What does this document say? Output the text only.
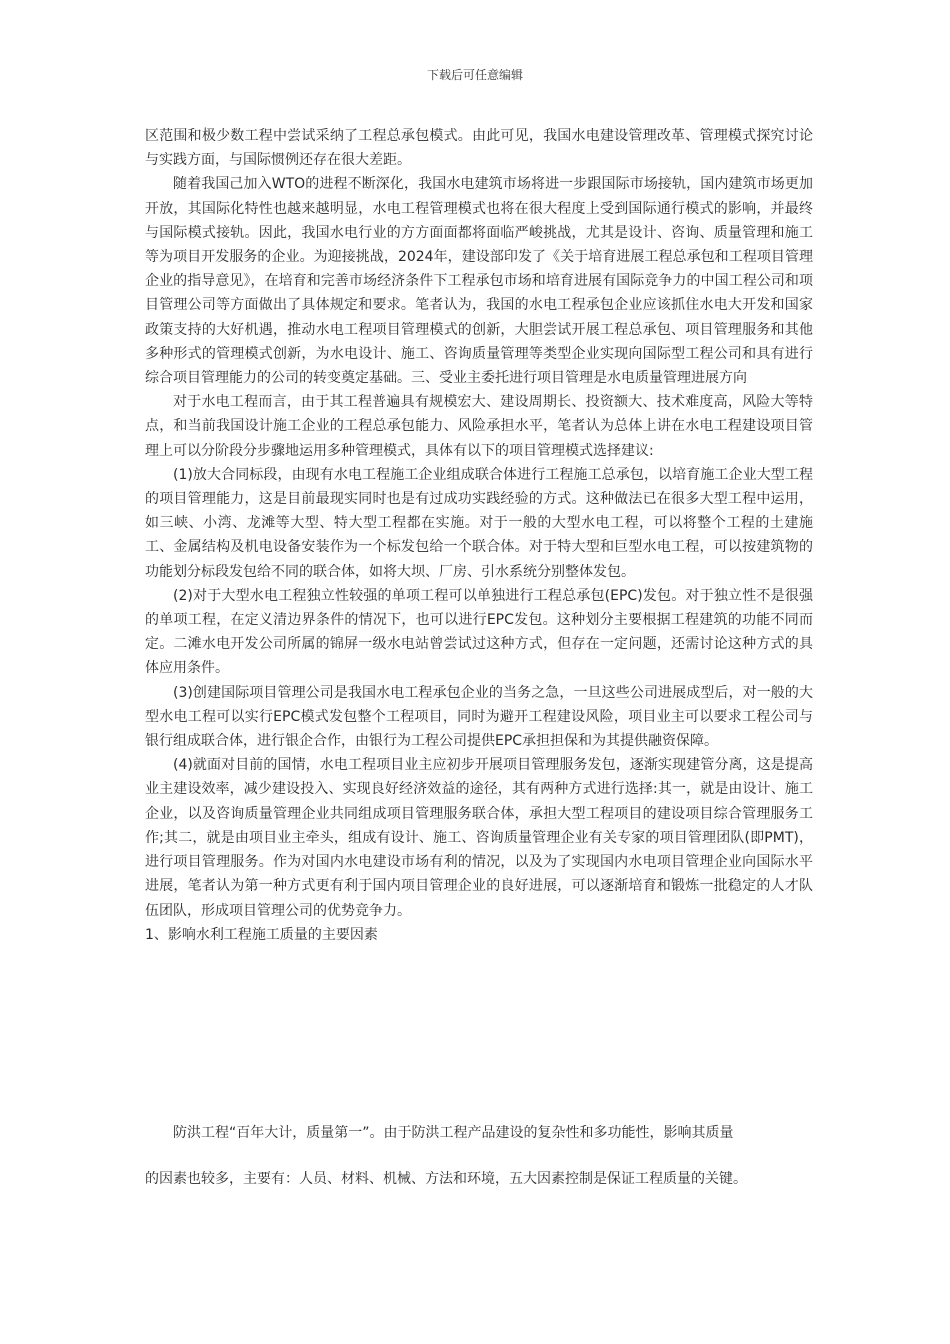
下载后可任意编辑

区范围和极少数工程中尝试采纳了工程总承包模式。由此可见，我国水电建设管理改革、管理模式探究讨论与实践方面，与国际惯例还存在很大差距。

随着我国己加入WTO的进程不断深化，我国水电建筑市场将进一步跟国际市场接轨，国内建筑市场更加开放，其国际化特性也越来越明显，水电工程管理模式也将在很大程度上受到国际通行模式的影响，并最终与国际模式接轨。因此，我国水电行业的方方面面都将面临严峻挑战，尤其是设计、咨询、质量管理和施工等为项目开发服务的企业。为迎接挑战，2024年，建设部印发了《关于培育进展工程总承包和工程项目管理企业的指导意见》，在培育和完善市场经济条件下工程承包市场和培育进展有国际竞争力的中国工程公司和项目管理公司等方面做出了具体规定和要求。笔者认为，我国的水电工程承包企业应该抓住水电大开发和国家政策支持的大好机遇，推动水电工程项目管理模式的创新，大胆尝试开展工程总承包、项目管理服务和其他多种形式的管理模式创新，为水电设计、施工、咨询质量管理等类型企业实现向国际型工程公司和具有进行综合项目管理能力的公司的转变奠定基础。三、受业主委托进行项目管理是水电质量管理进展方向

对于水电工程而言，由于其工程普遍具有规模宏大、建设周期长、投资额大、技术难度高，风险大等特点，和当前我国设计施工企业的工程总承包能力、风险承担水平，笔者认为总体上讲在水电工程建设项目管理上可以分阶段分步骤地运用多种管理模式，具体有以下的项目管理模式选择建议:

(1)放大合同标段，由现有水电工程施工企业组成联合体进行工程施工总承包，以培育施工企业大型工程的项目管理能力，这是目前最现实同时也是有过成功实践经验的方式。这种做法已在很多大型工程中运用，如三峡、小湾、龙滩等大型、特大型工程都在实施。对于一般的大型水电工程，可以将整个工程的土建施工、金属结构及机电设备安装作为一个标发包给一个联合体。对于特大型和巨型水电工程，可以按建筑物的功能划分标段发包给不同的联合体，如将大坝、厂房、引水系统分别整体发包。

(2)对于大型水电工程独立性较强的单项工程可以单独进行工程总承包(EPC)发包。对于独立性不是很强的单项工程，在定义清边界条件的情况下，也可以进行EPC发包。这种划分主要根据工程建筑的功能不同而定。二滩水电开发公司所属的锦屏一级水电站曾尝试过这种方式，但存在一定问题，还需讨论这种方式的具体应用条件。

(3)创建国际项目管理公司是我国水电工程承包企业的当务之急，一旦这些公司进展成型后，对一般的大型水电工程可以实行EPC模式发包整个工程项目，同时为避开工程建设风险，项目业主可以要求工程公司与银行组成联合体，进行银企合作，由银行为工程公司提供EPC承担担保和为其提供融资保障。

(4)就面对目前的国情，水电工程项目业主应初步开展项目管理服务发包，逐渐实现建管分离，这是提高业主建设效率，减少建设投入、实现良好经济效益的途径，其有两种方式进行选择:其一，就是由设计、施工企业，以及咨询质量管理企业共同组成项目管理服务联合体，承担大型工程项目的建设项目综合管理服务工作;其二，就是由项目业主牵头，组成有设计、施工、咨询质量管理企业有关专家的项目管理团队(即PMT)，进行项目管理服务。作为对国内水电建设市场有利的情况，以及为了实现国内水电项目管理企业向国际水平进展，笔者认为第一种方式更有利于国内项目管理企业的良好进展，可以逐渐培育和锻炼一批稳定的人才队伍团队，形成项目管理公司的优势竞争力。

1、影响水利工程施工质量的主要因素

防洪工程“百年大计，质量第一”。由于防洪工程产品建设的复杂性和多功能性，影响其质量

的因素也较多，主要有：人员、材料、机械、方法和环境，五大因素控制是保证工程质量的关键。
